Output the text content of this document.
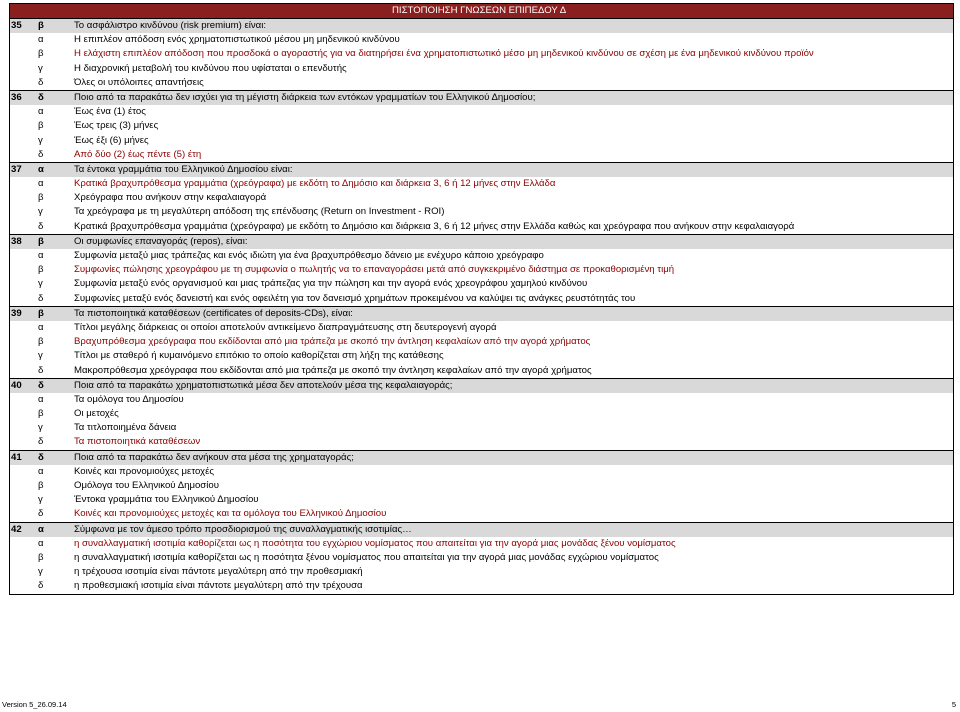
ΠΙΣΤΟΠΟΙΗΣΗ ΓΝΩΣΕΩΝ ΕΠΙΠΕΔΟΥ Δ
35	β	Το ασφάλιστρο κινδύνου (risk premium) είναι:
α	Η επιπλέον απόδοση ενός χρηματοπιστωτικού μέσου μη μηδενικού κινδύνου
β	Η ελάχιστη επιπλέον απόδοση που προσδοκά ο αγοραστής για να διατηρήσει ένα χρηματοπιστωτικό μέσο μη μηδενικού κινδύνου σε σχέση με ένα μηδενικού κινδύνου προϊόν
γ	Η διαχρονική μεταβολή του κινδύνου που υφίσταται ο επενδυτής
δ	Όλες οι υπόλοιπες απαντήσεις
36	δ	Ποιο από τα παρακάτω δεν ισχύει για τη μέγιστη διάρκεια των εντόκων γραμματίων του Ελληνικού Δημοσίου;
α	Έως ένα (1) έτος
β	Έως τρεις (3) μήνες
γ	Έως έξι (6) μήνες
δ	Από δύο (2) έως πέντε (5) έτη
37	α	Τα έντοκα γραμμάτια του Ελληνικού Δημοσίου είναι:
α	Κρατικά βραχυπρόθεσμα γραμμάτια (χρεόγραφα) με εκδότη το Δημόσιο και διάρκεια 3, 6 ή 12 μήνες στην Ελλάδα
β	Χρεόγραφα που ανήκουν στην κεφαλαιαγορά
γ	Τα χρεόγραφα με τη μεγαλύτερη απόδοση της επένδυσης (Return on Investment - ROI)
δ	Κρατικά βραχυπρόθεσμα γραμμάτια (χρεόγραφα) με εκδότη το Δημόσιο και διάρκεια 3, 6 ή 12 μήνες στην Ελλάδα καθώς και χρεόγραφα που ανήκουν στην κεφαλαιαγορά
38	β	Οι συμφωνίες επαναγοράς (repos), είναι:
α	Συμφωνία μεταξύ μιας τράπεζας και ενός ιδιώτη για ένα βραχυπρόθεσμο δάνειο με ενέχυρο κάποιο χρεόγραφο
β	Συμφωνίες πώλησης χρεογράφου με τη συμφωνία ο πωλητής να το επαναγοράσει μετά από συγκεκριμένο διάστημα σε προκαθορισμένη τιμή
γ	Συμφωνία μεταξύ ενός οργανισμού και μιας τράπεζας για την πώληση και την αγορά ενός χρεογράφου χαμηλού κινδύνου
δ	Συμφωνίες μεταξύ ενός δανειστή και ενός οφειλέτη για τον δανεισμό χρημάτων προκειμένου να καλύψει τις ανάγκες ρευστότητάς του
39	β	Τα πιστοποιητικά καταθέσεων (certificates of deposits-CDs), είναι:
α	Τίτλοι μεγάλης διάρκειας οι οποίοι αποτελούν αντικείμενο διαπραγμάτευσης στη δευτερογενή αγορά
β	Βραχυπρόθεσμα χρεόγραφα που εκδίδονται από μια τράπεζα με σκοπό την άντληση κεφαλαίων από την αγορά χρήματος
γ	Τίτλοι με σταθερό ή κυμαινόμενο επιτόκιο το οποίο καθορίζεται στη λήξη της κατάθεσης
δ	Μακροπρόθεσμα χρεόγραφα που εκδίδονται από μια τράπεζα με σκοπό την άντληση κεφαλαίων από την αγορά χρήματος
40	δ	Ποια από τα παρακάτω χρηματοπιστωτικά μέσα δεν αποτελούν μέσα της κεφαλαιαγοράς;
α	Τα ομόλογα του Δημοσίου
β	Οι μετοχές
γ	Τα τιτλοποιημένα δάνεια
δ	Τα πιστοποιητικά καταθέσεων
41	δ	Ποια από τα παρακάτω δεν ανήκουν στα μέσα της χρηματαγοράς;
α	Κοινές και προνομιούχες μετοχές
β	Ομόλογα του Ελληνικού Δημοσίου
γ	Έντοκα γραμμάτια του Ελληνικού Δημοσίου
δ	Κοινές και προνομιούχες μετοχές και τα ομόλογα του Ελληνικού Δημοσίου
42	α	Σύμφωνα με τον άμεσο τρόπο προσδιορισμού της συναλλαγματικής ισοτιμίας…
α	η συναλλαγματική ισοτιμία καθορίζεται ως η ποσότητα του εγχώριου νομίσματος που απαιτείται για την αγορά μιας μονάδας ξένου νομίσματος
β	η συναλλαγματική ισοτιμία καθορίζεται ως η ποσότητα ξένου νομίσματος που απαιτείται για την αγορά μιας μονάδας εγχώριου νομίσματος
γ	η τρέχουσα ισοτιμία είναι πάντοτε μεγαλύτερη από την προθεσμιακή
δ	η προθεσμιακή ισοτιμία είναι πάντοτε μεγαλύτερη από την τρέχουσα
Version 5_26.09.14	5
